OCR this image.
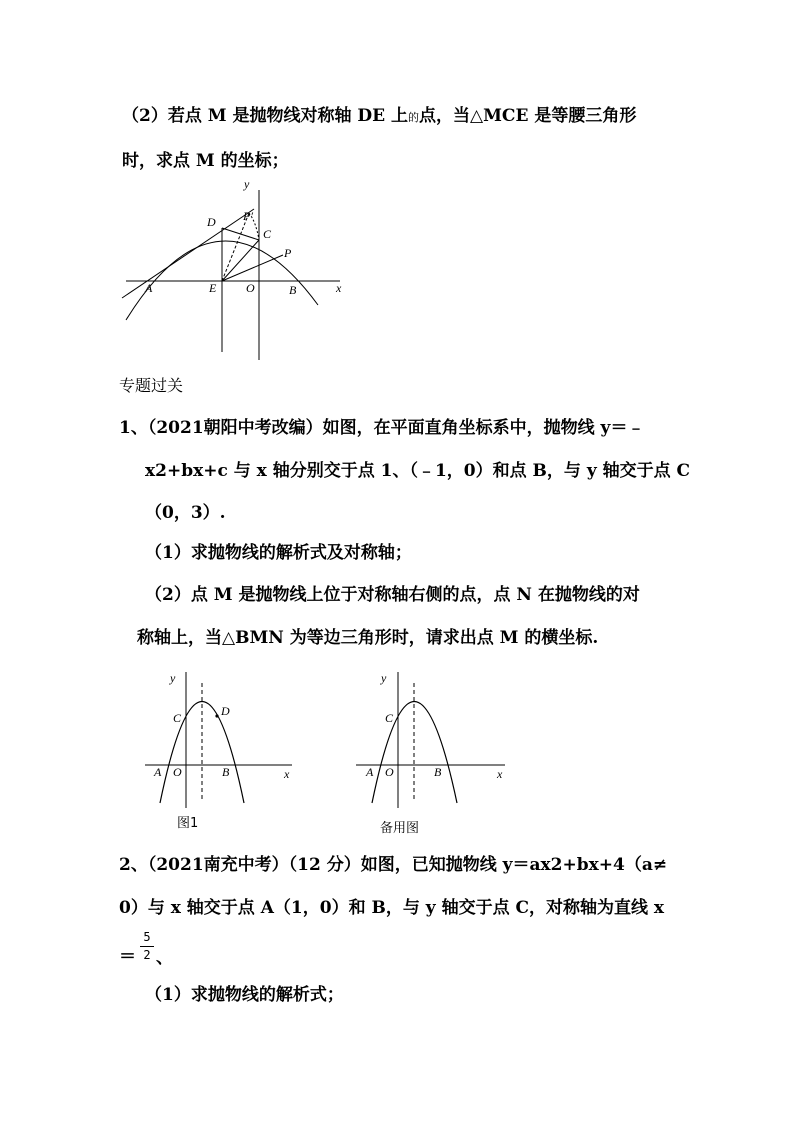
（2）若点 M 是抛物线对称轴 DE 上的点，当△MCE 是等腰三角形
时，求点 M 的坐标；
y
x
D P′
C
P
A	E O	B
专题过关
1、（2021朝阳中考改编）如图，在平面直角坐标系中，抛物线 y＝﹣
x2+bx+c 与 x 轴分别交于点 1、（﹣1，0）和点 B，与 y 轴交于点 C
（0，3）.
（1）求抛物线的解析式及对称轴；
（2）点 M 是抛物线上位于对称轴右侧的点，点 N 在抛物线的对
称轴上，当△BMN 为等边三角形时，请求出点 M 的横坐标.
y
x
C	D
A O	B
图1
y
x
C
A O	B
备用图
2、（2021南充中考）（12 分）如图，已知抛物线 y＝ax2+bx+4（a≠
0）与 x 轴交于点 A（1，0）和 B，与 y 轴交于点 C，对称轴为直线 x
＝
5
2 、
（1）求抛物线的解析式；
